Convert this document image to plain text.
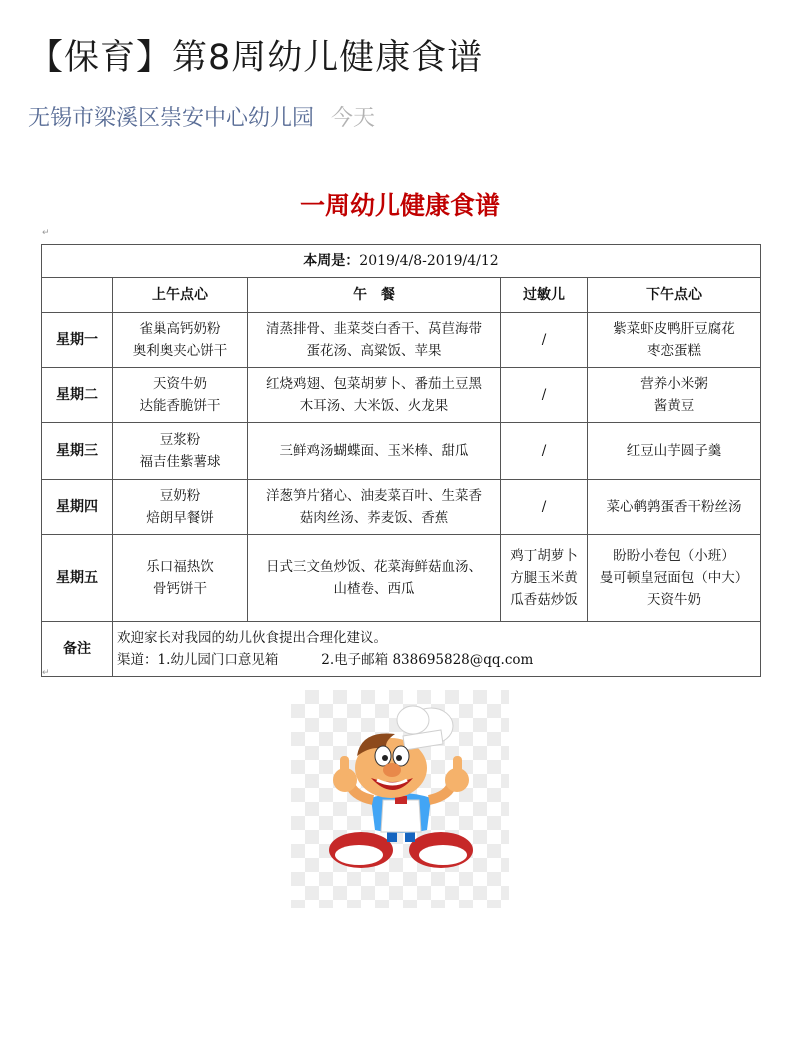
【保育】第8周幼儿健康食谱
无锡市梁溪区崇安中心幼儿园 今天
一周幼儿健康食谱
↵
本周是：2019/4/8-2019/4/12				
	上午点心	午　餐	过敏儿	下午点心
星期一	雀巢高钙奶粉
奥利奥夹心饼干	清蒸排骨、韭菜茭白香干、莴苣海带
蛋花汤、高粱饭、苹果	/	紫菜虾皮鸭肝豆腐花
枣恋蛋糕

星期二	天资牛奶
达能香脆饼干	红烧鸡翅、包菜胡萝卜、番茄土豆黑
木耳汤、大米饭、火龙果	/	营养小米粥
酱黄豆

星期三	豆浆粉
福吉佳紫薯球	三鲜鸡汤蝴蝶面、玉米棒、甜瓜	/	红豆山芋圆子羹

星期四	豆奶粉
焙朗早餐饼	洋葱笋片猪心、油麦菜百叶、生菜香
菇肉丝汤、荞麦饭、香蕉	/	菜心鹌鹑蛋香干粉丝汤

星期五	乐口福热饮
骨钙饼干	日式三文鱼炒饭、花菜海鲜菇血汤、
山楂卷、西瓜	鸡丁胡萝卜
方腿玉米黄
瓜香菇炒饭	盼盼小卷包（小班）
曼可顿皇冠面包（中大）
天资牛奶

备注	欢迎家长对我园的幼儿伙食提出合理化建议。
渠道：1.幼儿园门口意见箱          2.电子邮箱 838695828@qq.com			
↵
